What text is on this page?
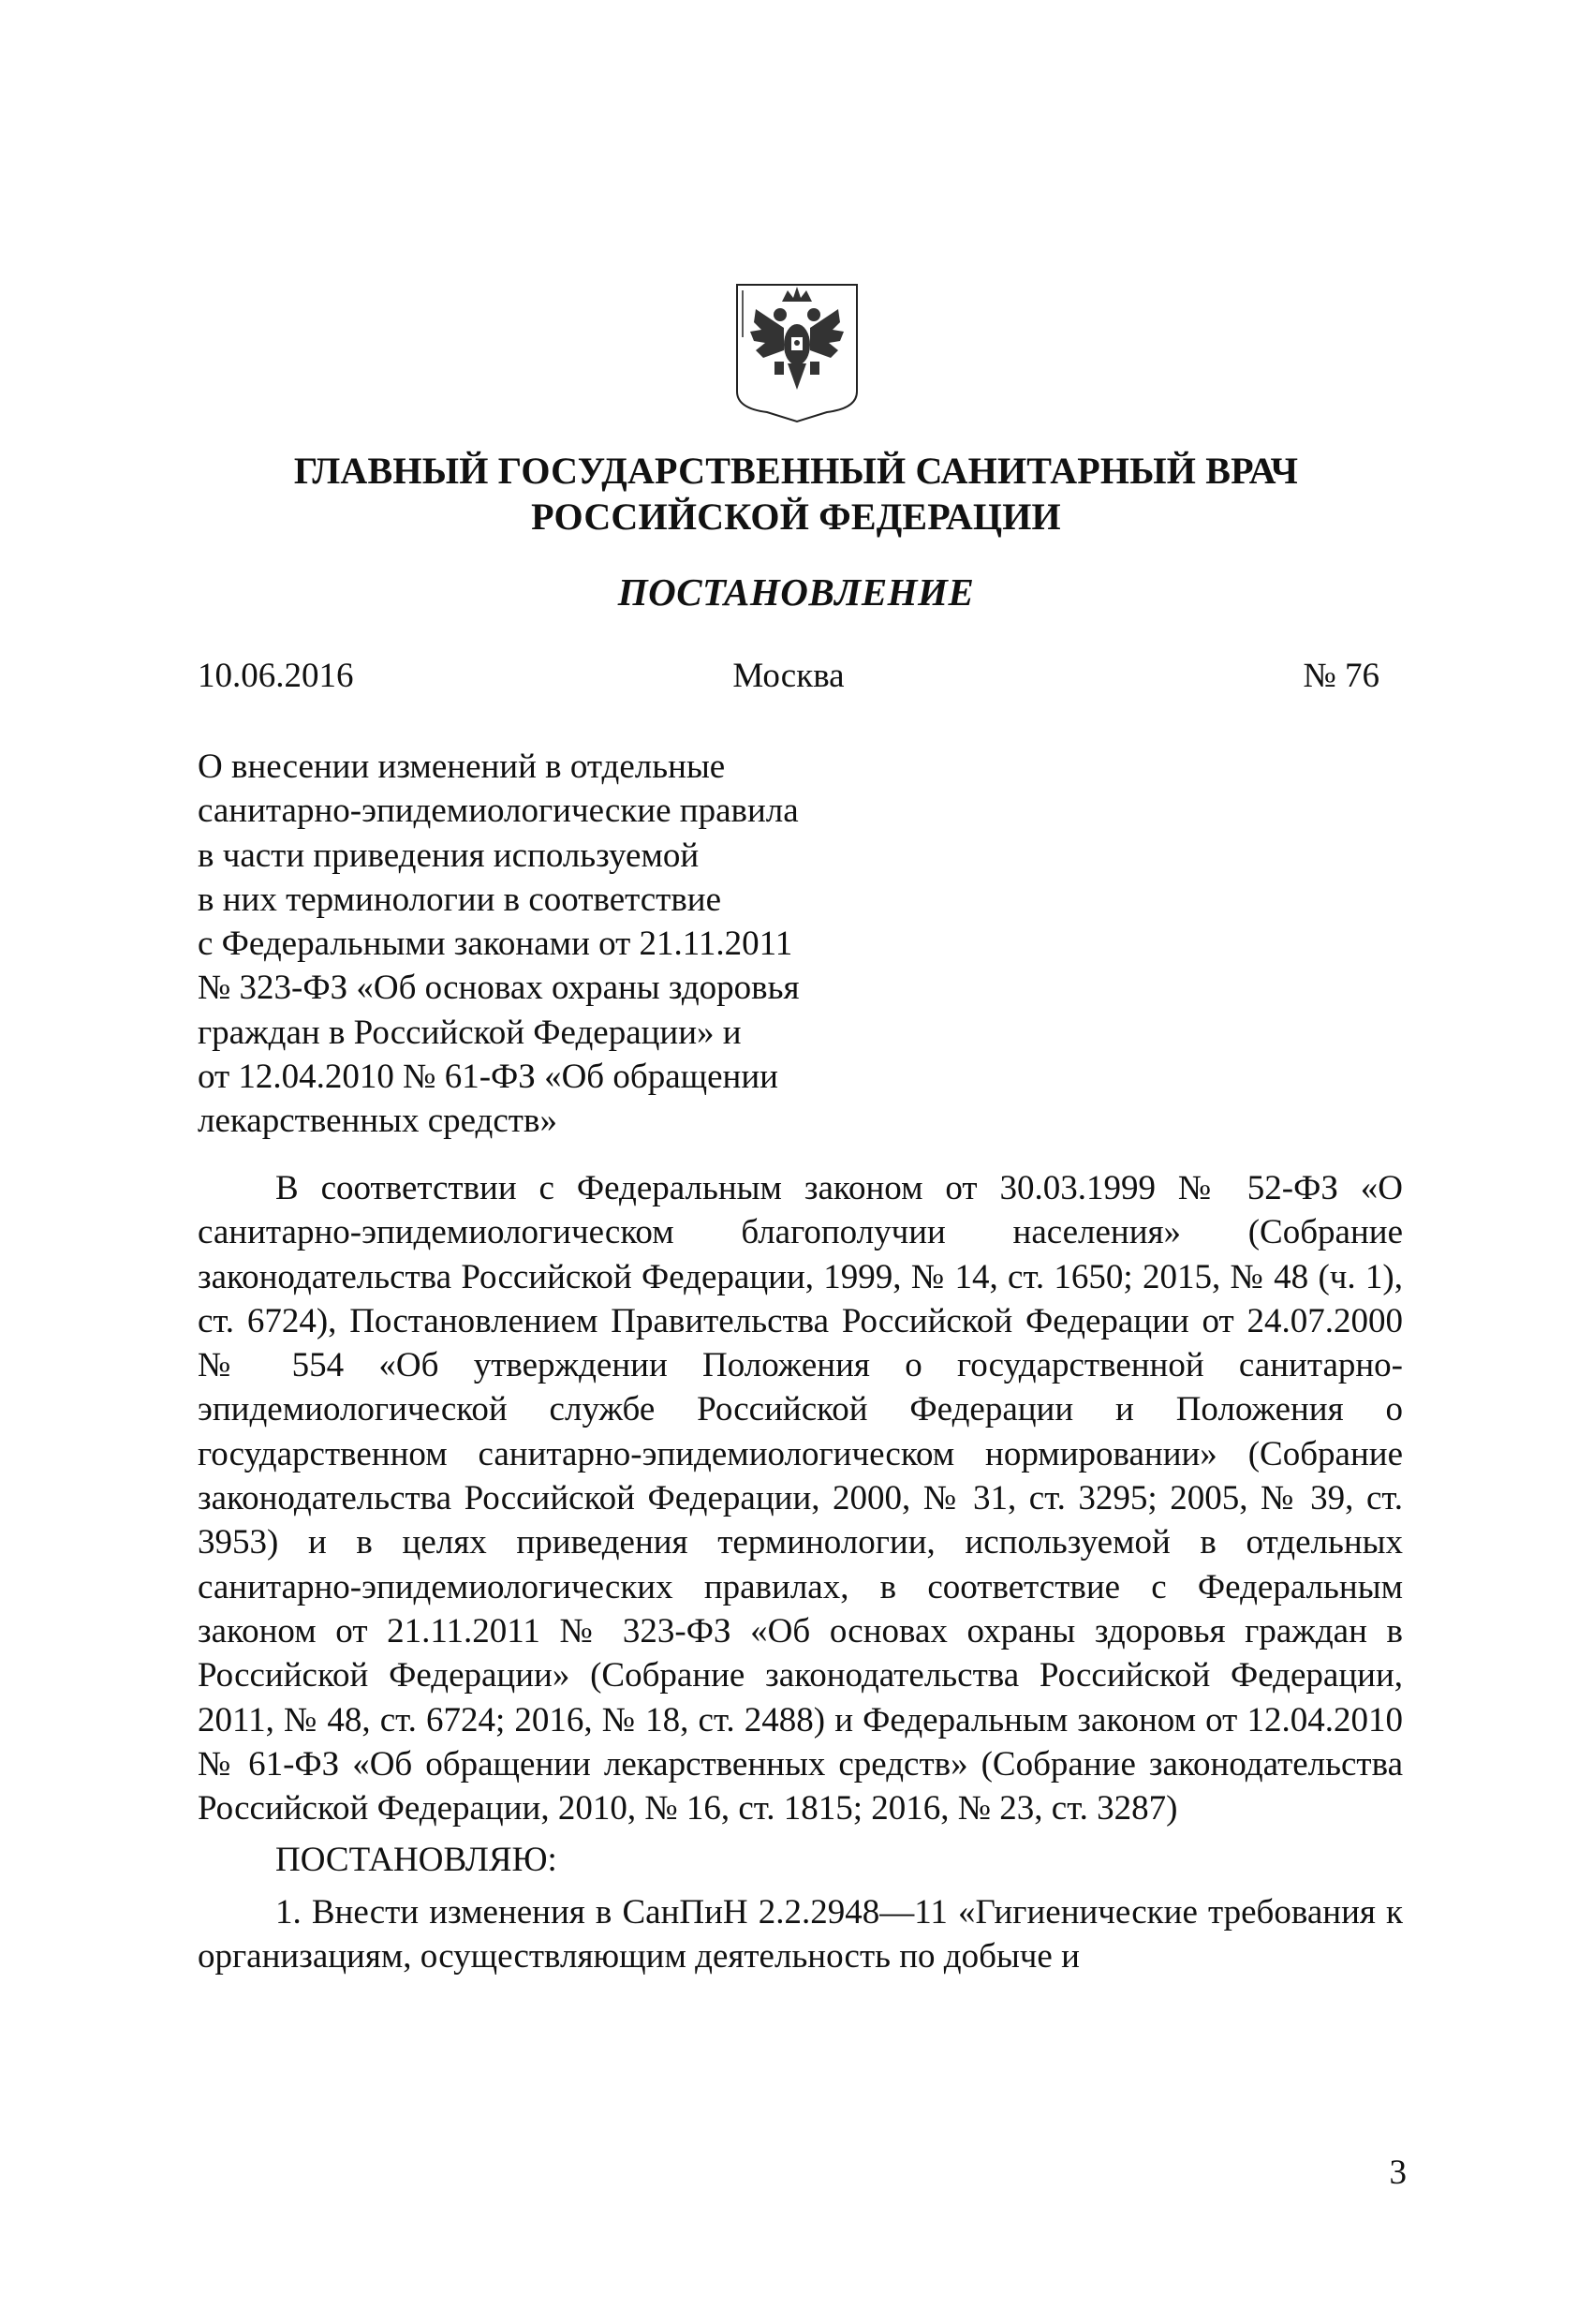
ГЛАВНЫЙ ГОСУДАРСТВЕННЫЙ САНИТАРНЫЙ ВРАЧ
РОССИЙСКОЙ ФЕДЕРАЦИИ
ПОСТАНОВЛЕНИЕ
Москва
10.06.2016	№ 76
О внесении изменений в отдельные
санитарно-эпидемиологические правила
в части приведения используемой
в них терминологии в соответствие
с Федеральными законами от 21.11.2011
№ 323-ФЗ «Об основах охраны здоровья
граждан в Российской Федерации» и
от 12.04.2010 № 61-ФЗ «Об обращении
лекарственных средств»

В соответствии с Федеральным законом от 30.03.1999 № 52-ФЗ «О санитарно-эпидемиологическом благополучии населения» (Собрание законодательства Российской Федерации, 1999, № 14, ст. 1650; 2015, № 48 (ч. 1), ст. 6724), Постановлением Правительства Российской Федерации от 24.07.2000 № 554 «Об утверждении Положения о государственной санитарно-эпидемиологической службе Российской Федерации и Положения о государственном санитарно-эпидемиологическом нормировании» (Собрание законодательства Российской Федерации, 2000, № 31, ст. 3295; 2005, № 39, ст. 3953) и в целях приведения терминологии, используемой в отдельных санитарно-эпидемиологических правилах, в соответствие с Федеральным законом от 21.11.2011 № 323-ФЗ «Об основах охраны здоровья граждан в Российской Федерации» (Собрание законодательства Российской Федерации, 2011, № 48, ст. 6724; 2016, № 18, ст. 2488) и Федеральным законом от 12.04.2010 № 61-ФЗ «Об обращении лекарственных средств» (Собрание законодательства Российской Федерации, 2010, № 16, ст. 1815; 2016, № 23, ст. 3287)

ПОСТАНОВЛЯЮ:

1. Внести изменения в СанПиН 2.2.2948—11 «Гигиенические требования к организациям, осуществляющим деятельность по добыче и

3
